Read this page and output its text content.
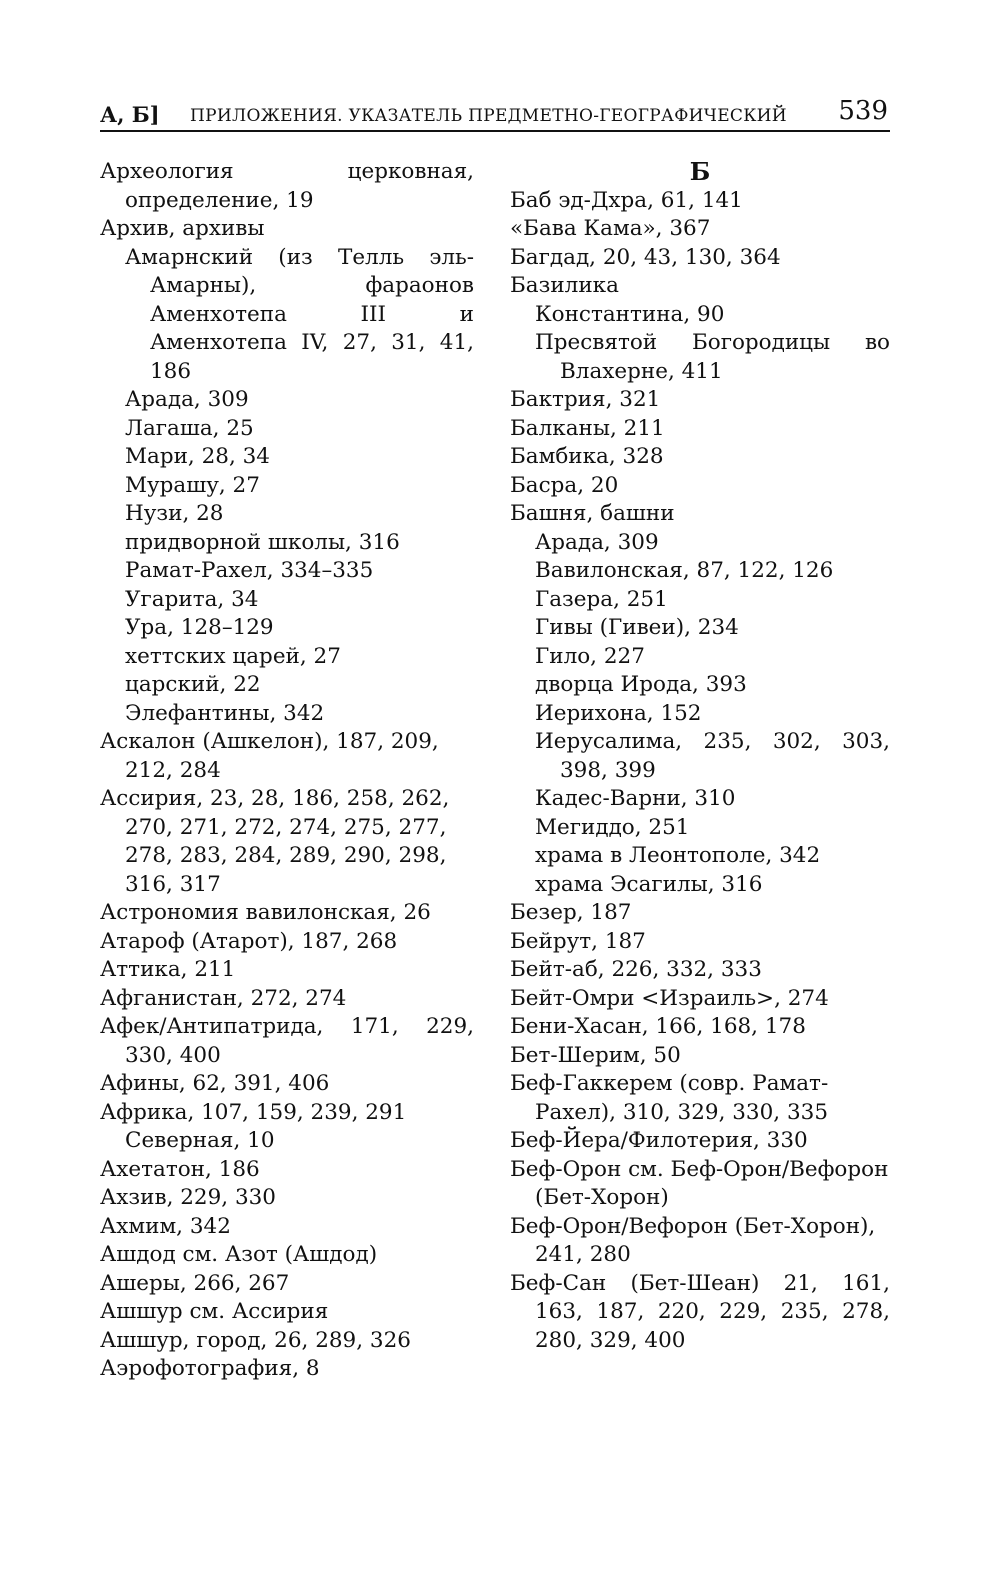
А, Б] ПРИЛОЖЕНИЯ. УКАЗАТЕЛЬ ПРЕДМЕТНО-ГЕОГРАФИЧЕСКИЙ 539

Археология церковная, определение, 19

Архив, архивы

Амарнский (из Телль эль-Амарны), фараонов Аменхотепа III и Аменхотепа IV, 27, 31, 41, 186

Арада, 309

Лагаша, 25

Мари, 28, 34

Мурашу, 27

Нузи, 28

придворной школы, 316

Рамат-Рахел, 334–335

Угарита, 34

Ура, 128–129

хеттских царей, 27

царский, 22

Элефантины, 342

Аскалон (Ашкелон), 187, 209, 212, 284

Ассирия, 23, 28, 186, 258, 262, 270, 271, 272, 274, 275, 277, 278, 283, 284, 289, 290, 298, 316, 317

Астрономия вавилонская, 26

Атароф (Атарот), 187, 268

Аттика, 211

Афганистан, 272, 274

Афек/Антипатрида, 171, 229, 330, 400

Афины, 62, 391, 406

Африка, 107, 159, 239, 291

Северная, 10

Ахетатон, 186

Ахзив, 229, 330

Ахмим, 342

Ашдод см. Азот (Ашдод)

Ашеры, 266, 267

Ашшур см. Ассирия

Ашшур, город, 26, 289, 326

Аэрофотография, 8

Б

Баб эд-Дхра, 61, 141

«Бава Кама», 367

Багдад, 20, 43, 130, 364

Базилика

Константина, 90

Пресвятой Богородицы во Влахерне, 411

Бактрия, 321

Балканы, 211

Бамбика, 328

Басра, 20

Башня, башни

Арада, 309

Вавилонская, 87, 122, 126

Газера, 251

Гивы (Гивеи), 234

Гило, 227

дворца Ирода, 393

Иерихона, 152

Иерусалима, 235, 302, 303, 398, 399

Кадес-Варни, 310

Мегиддо, 251

храма в Леонтополе, 342

храма Эсагилы, 316

Безер, 187

Бейрут, 187

Бейт-аб, 226, 332, 333

Бейт-Омри <Израиль>, 274

Бени-Хасан, 166, 168, 178

Бет-Шерим, 50

Беф-Гаккерем (совр. Рамат-Рахел), 310, 329, 330, 335

Беф-Йера/Филотерия, 330

Беф-Орон см. Беф-Орон/Вефорон (Бет-Хорон)

Беф-Орон/Вефорон (Бет-Хорон), 241, 280

Беф-Сан (Бет-Шеан) 21, 161, 163, 187, 220, 229, 235, 278, 280, 329, 400
